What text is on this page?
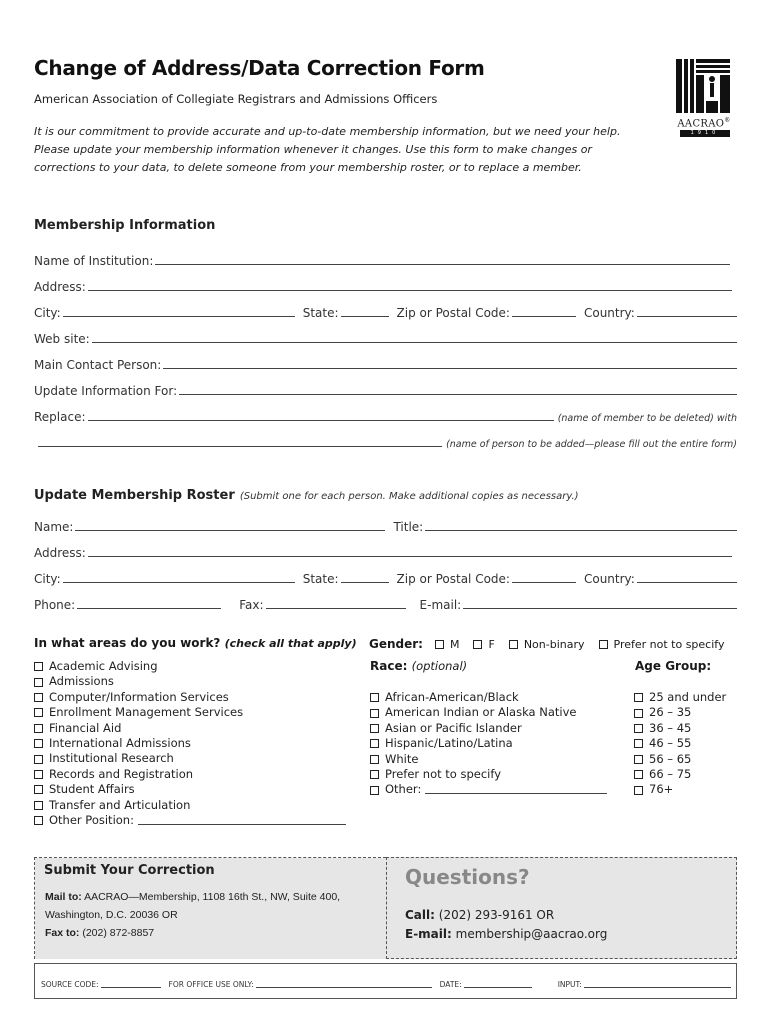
Change of Address/Data Correction Form
American Association of Collegiate Registrars and Admissions Officers
It is our commitment to provide accurate and up-to-date membership information, but we need your help. Please update your membership information whenever it changes. Use this form to make changes or corrections to your data, to delete someone from your membership roster, or to replace a member.
AACRAO®
1910
Membership Information
Name of Institution:
Address:
City:	State:	Zip or Postal Code:	Country:
Web site:
Main Contact Person:
Update Information For:
Replace:	(name of member to be deleted) with
(name of person to be added—please fill out the entire form)
Update Membership Roster (Submit one for each person. Make additional copies as necessary.)
Name:	Title:
Address:
City:	State:	Zip or Postal Code:	Country:
Phone:	Fax:	E-mail:
In what areas do you work? (check all that apply)
Academic Advising
Admissions
Computer/Information Services
Enrollment Management Services
Financial Aid
International Admissions
Institutional Research
Records and Registration
Student Affairs
Transfer and Articulation
Other Position:
Gender: M	F	Non-binary	Prefer not to specify
Race: (optional)
African-American/Black
American Indian or Alaska Native
Asian or Pacific Islander
Hispanic/Latino/Latina
White
Prefer not to specify
Other:
Age Group:
25 and under
26 – 35
36 – 45
46 – 55
56 – 65
66 – 75
76+
Submit Your Correction
Mail to: AACRAO—Membership, 1108 16th St., NW, Suite 400, Washington, D.C. 20036 OR
Fax to: (202) 872-8857
Questions?
Call: (202) 293-9161 OR
E-mail: membership@aacrao.org
SOURCE CODE:	FOR OFFICE USE ONLY:	DATE:	INPUT:
